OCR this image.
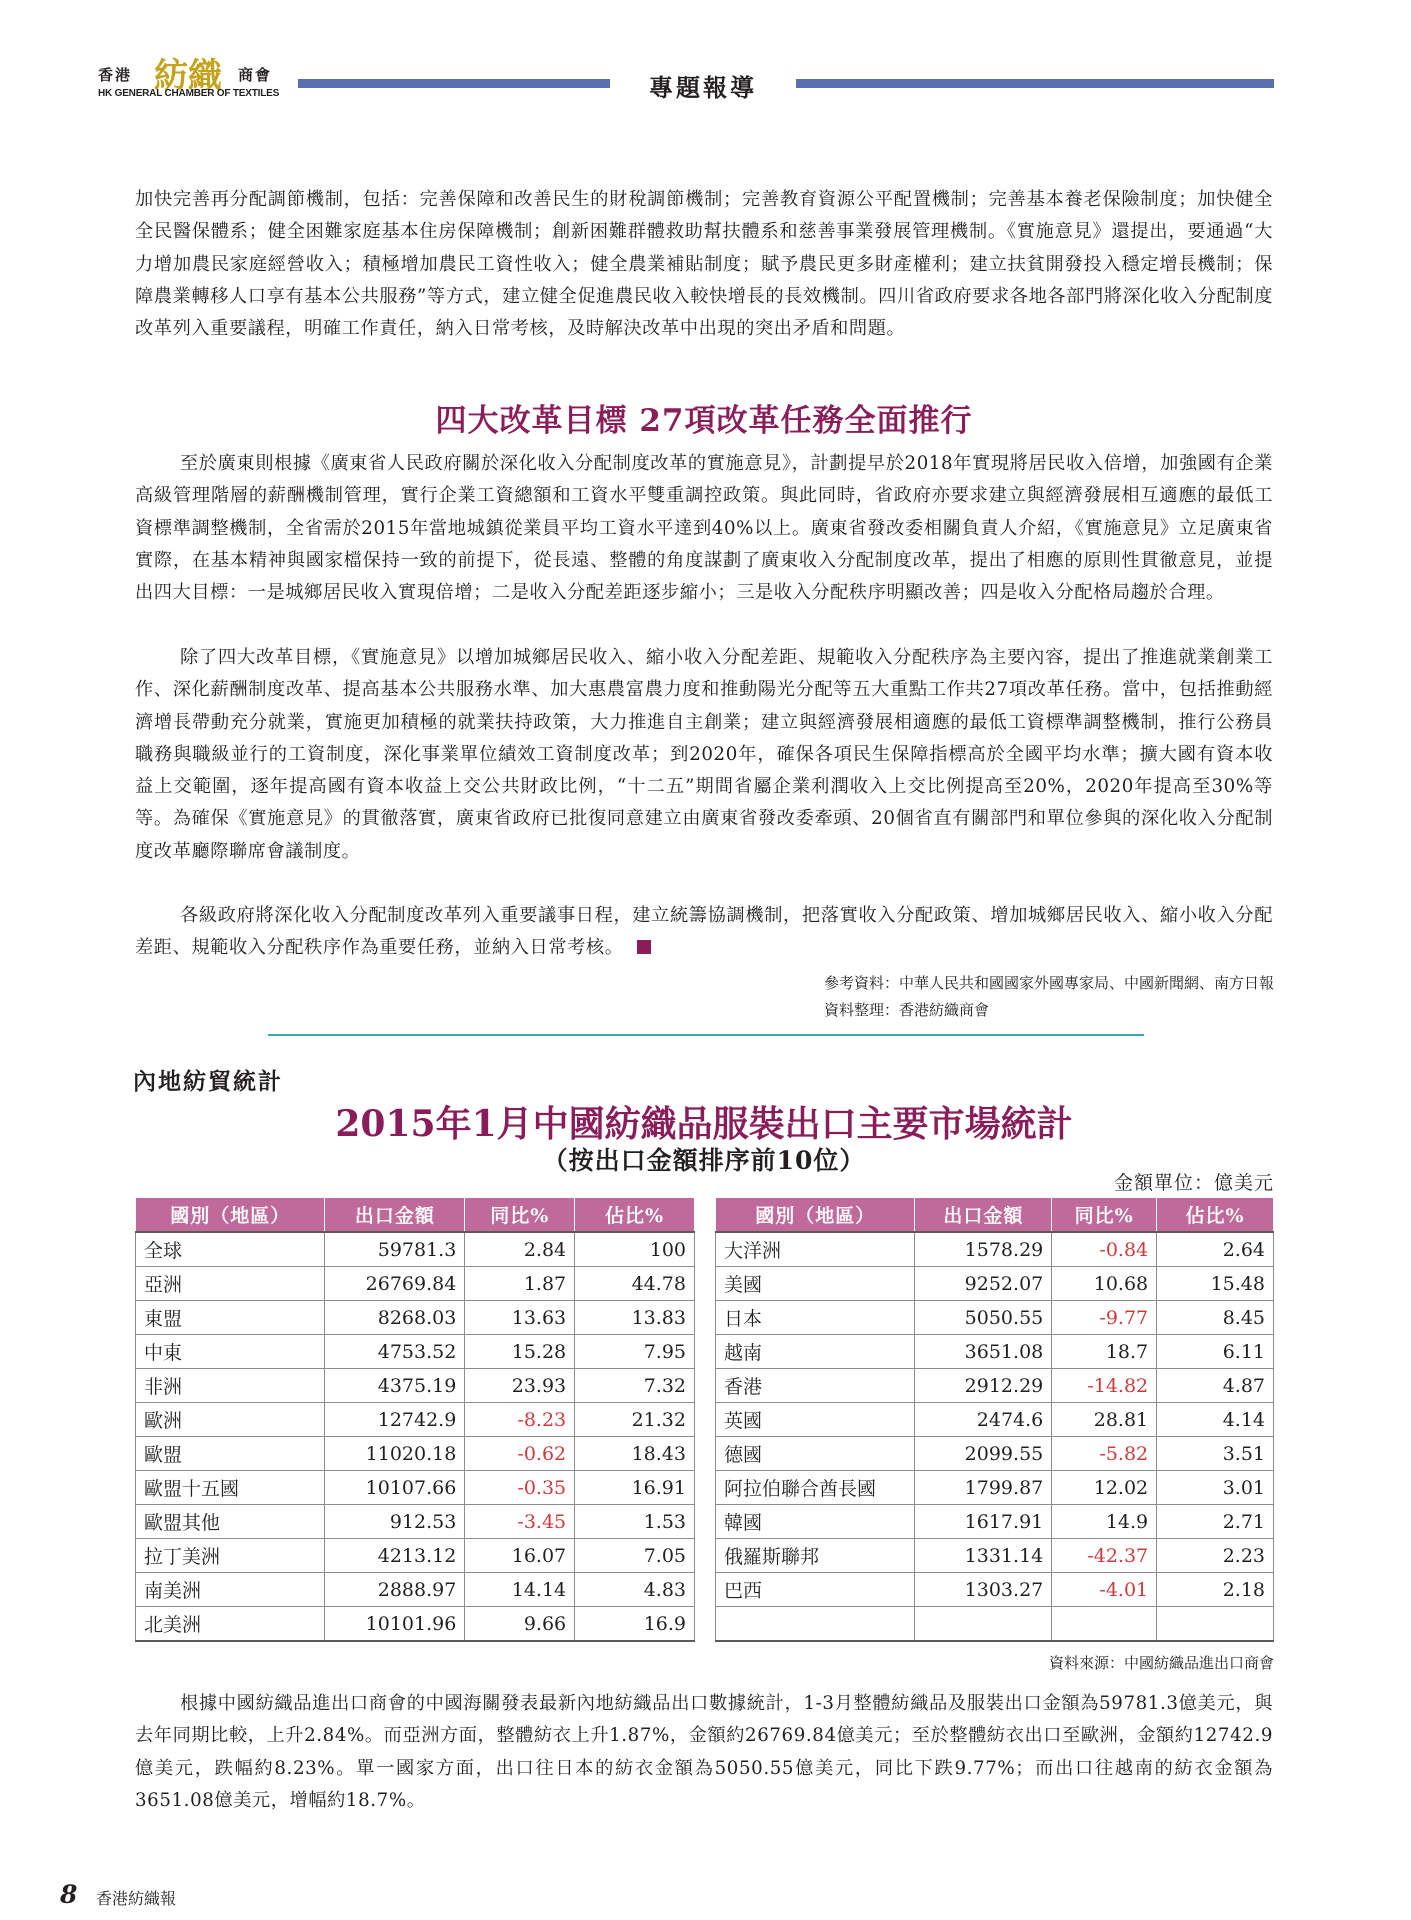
香港 紡織 商會
HK GENERAL CHAMBER OF TEXTILES	專題報導

加快完善再分配調節機制，包括：完善保障和改善民生的財稅調節機制；完善教育資源公平配置機制；完善基本養老保險制度；加快健全全民醫保體系；健全困難家庭基本住房保障機制；創新困難群體救助幫扶體系和慈善事業發展管理機制。《實施意見》還提出，要通過“大力增加農民家庭經營收入；積極增加農民工資性收入；健全農業補貼制度；賦予農民更多財產權利；建立扶貧開發投入穩定增長機制；保障農業轉移人口享有基本公共服務”等方式，建立健全促進農民收入較快增長的長效機制。四川省政府要求各地各部門將深化收入分配制度改革列入重要議程，明確工作責任，納入日常考核，及時解決改革中出現的突出矛盾和問題。

四大改革目標 27項改革任務全面推行

至於廣東則根據《廣東省人民政府關於深化收入分配制度改革的實施意見》，計劃提早於2018年實現將居民收入倍增，加強國有企業高級管理階層的薪酬機制管理，實行企業工資總額和工資水平雙重調控政策。與此同時，省政府亦要求建立與經濟發展相互適應的最低工資標準調整機制，全省需於2015年當地城鎮從業員平均工資水平達到40%以上。廣東省發改委相關負責人介紹，《實施意見》立足廣東省實際，在基本精神與國家檔保持一致的前提下，從長遠、整體的角度謀劃了廣東收入分配制度改革，提出了相應的原則性貫徹意見，並提出四大目標：一是城鄉居民收入實現倍增；二是收入分配差距逐步縮小；三是收入分配秩序明顯改善；四是收入分配格局趨於合理。

除了四大改革目標，《實施意見》以增加城鄉居民收入、縮小收入分配差距、規範收入分配秩序為主要內容，提出了推進就業創業工作、深化薪酬制度改革、提高基本公共服務水準、加大惠農富農力度和推動陽光分配等五大重點工作共27項改革任務。當中，包括推動經濟增長帶動充分就業，實施更加積極的就業扶持政策，大力推進自主創業；建立與經濟發展相適應的最低工資標準調整機制，推行公務員職務與職級並行的工資制度，深化事業單位績效工資制度改革；到2020年，確保各項民生保障指標高於全國平均水準；擴大國有資本收益上交範圍，逐年提高國有資本收益上交公共財政比例，“十二五”期間省屬企業利潤收入上交比例提高至20%，2020年提高至30%等等。為確保《實施意見》的貫徹落實，廣東省政府已批復同意建立由廣東省發改委牽頭、20個省直有關部門和單位參與的深化收入分配制度改革廳際聯席會議制度。

各級政府將深化收入分配制度改革列入重要議事日程，建立統籌協調機制，把落實收入分配政策、增加城鄉居民收入、縮小收入分配差距、規範收入分配秩序作為重要任務，並納入日常考核。

參考資料：中華人民共和國國家外國專家局、中國新聞網、南方日報
資料整理：香港紡織商會
內地紡貿統計
2015年1月中國紡織品服裝出口主要市場統計
（按出口金額排序前10位）
金額單位：億美元
國別（地區）	出口金額	同比%	佔比%
全球	59781.3	2.84	100
亞洲	26769.84	1.87	44.78
東盟	8268.03	13.63	13.83
中東	4753.52	15.28	7.95
非洲	4375.19	23.93	7.32
歐洲	12742.9	-8.23	21.32
歐盟	11020.18	-0.62	18.43
歐盟十五國	10107.66	-0.35	16.91
歐盟其他	912.53	-3.45	1.53
拉丁美洲	4213.12	16.07	7.05
南美洲	2888.97	14.14	4.83
北美洲	10101.96	9.66	16.9
國別（地區）	出口金額	同比%	佔比%
大洋洲	1578.29	-0.84	2.64
美國	9252.07	10.68	15.48
日本	5050.55	-9.77	8.45
越南	3651.08	18.7	6.11
香港	2912.29	-14.82	4.87
英國	2474.6	28.81	4.14
德國	2099.55	-5.82	3.51
阿拉伯聯合酋長國	1799.87	12.02	3.01
韓國	1617.91	14.9	2.71
俄羅斯聯邦	1331.14	-42.37	2.23
巴西	1303.27	-4.01	2.18

資料來源：中國紡織品進出口商會

根據中國紡織品進出口商會的中國海關發表最新內地紡織品出口數據統計，1-3月整體紡織品及服裝出口金額為59781.3億美元，與去年同期比較，上升2.84%。而亞洲方面，整體紡衣上升1.87%，金額約26769.84億美元；至於整體紡衣出口至歐洲，金額約12742.9億美元，跌幅約8.23%。單一國家方面，出口往日本的紡衣金額為5050.55億美元，同比下跌9.77%；而出口往越南的紡衣金額為3651.08億美元，增幅約18.7%。

8 香港紡織報
